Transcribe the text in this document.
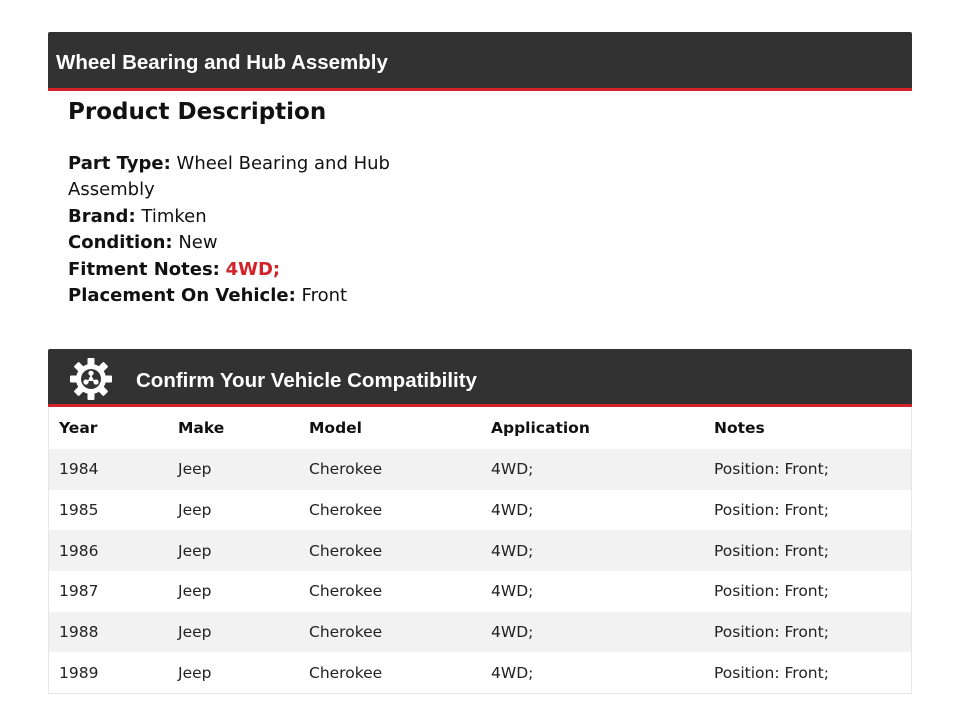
Wheel Bearing and Hub Assembly
Product Description
Part Type: Wheel Bearing and Hub Assembly
Brand: Timken
Condition: New
Fitment Notes: 4WD;
Placement On Vehicle: Front
Confirm Your Vehicle Compatibility
Year	Make	Model	Application	Notes
1984	Jeep	Cherokee	4WD;	Position: Front;
1985	Jeep	Cherokee	4WD;	Position: Front;
1986	Jeep	Cherokee	4WD;	Position: Front;
1987	Jeep	Cherokee	4WD;	Position: Front;
1988	Jeep	Cherokee	4WD;	Position: Front;
1989	Jeep	Cherokee	4WD;	Position: Front;
